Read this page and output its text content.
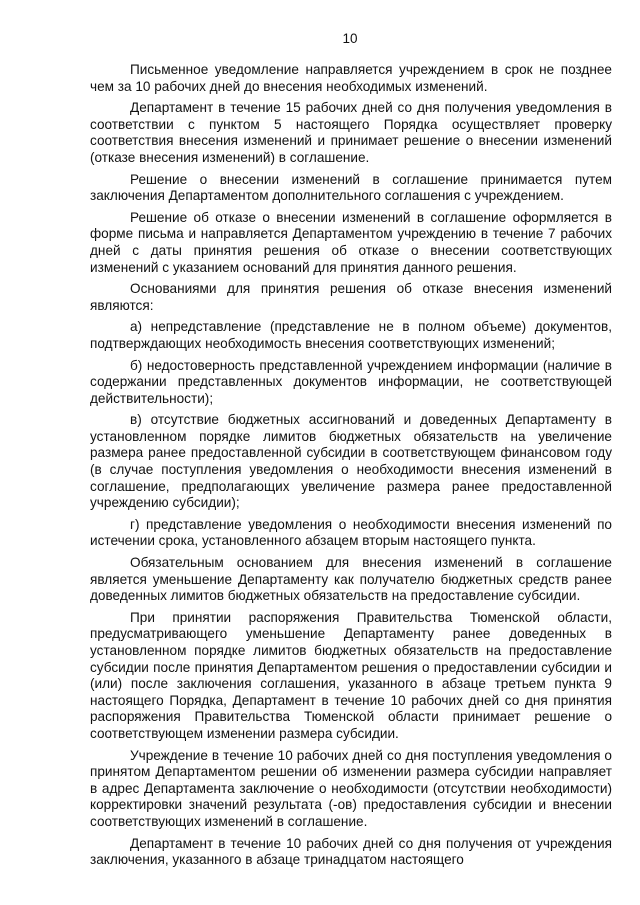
10

Письменное уведомление направляется учреждением в срок не позднее чем за 10 рабочих дней до внесения необходимых изменений.

Департамент в течение 15 рабочих дней со дня получения уведомления в соответствии с пунктом 5 настоящего Порядка осуществляет проверку соответствия внесения изменений и принимает решение о внесении изменений (отказе внесения изменений) в соглашение.

Решение о внесении изменений в соглашение принимается путем заключения Департаментом дополнительного соглашения с учреждением.

Решение об отказе о внесении изменений в соглашение оформляется в форме письма и направляется Департаментом учреждению в течение 7 рабочих дней с даты принятия решения об отказе о внесении соответствующих изменений с указанием оснований для принятия данного решения.

Основаниями для принятия решения об отказе внесения изменений являются:

а) непредставление (представление не в полном объеме) документов, подтверждающих необходимость внесения соответствующих изменений;

б) недостоверность представленной учреждением информации (наличие в содержании представленных документов информации, не соответствующей действительности);

в) отсутствие бюджетных ассигнований и доведенных Департаменту в установленном порядке лимитов бюджетных обязательств на увеличение размера ранее предоставленной субсидии в соответствующем финансовом году (в случае поступления уведомления о необходимости внесения изменений в соглашение, предполагающих увеличение размера ранее предоставленной учреждению субсидии);

г) представление уведомления о необходимости внесения изменений по истечении срока, установленного абзацем вторым настоящего пункта.

Обязательным основанием для внесения изменений в соглашение является уменьшение Департаменту как получателю бюджетных средств ранее доведенных лимитов бюджетных обязательств на предоставление субсидии.

При принятии распоряжения Правительства Тюменской области, предусматривающего уменьшение Департаменту ранее доведенных в установленном порядке лимитов бюджетных обязательств на предоставление субсидии после принятия Департаментом решения о предоставлении субсидии и (или) после заключения соглашения, указанного в абзаце третьем пункта 9 настоящего Порядка, Департамент в течение 10 рабочих дней со дня принятия распоряжения Правительства Тюменской области принимает решение о соответствующем изменении размера субсидии.

Учреждение в течение 10 рабочих дней со дня поступления уведомления о принятом Департаментом решении об изменении размера субсидии направляет в адрес Департамента заключение о необходимости (отсутствии необходимости) корректировки значений результата (-ов) предоставления субсидии и внесении соответствующих изменений в соглашение.

Департамент в течение 10 рабочих дней со дня получения от учреждения заключения, указанного в абзаце тринадцатом настоящего
